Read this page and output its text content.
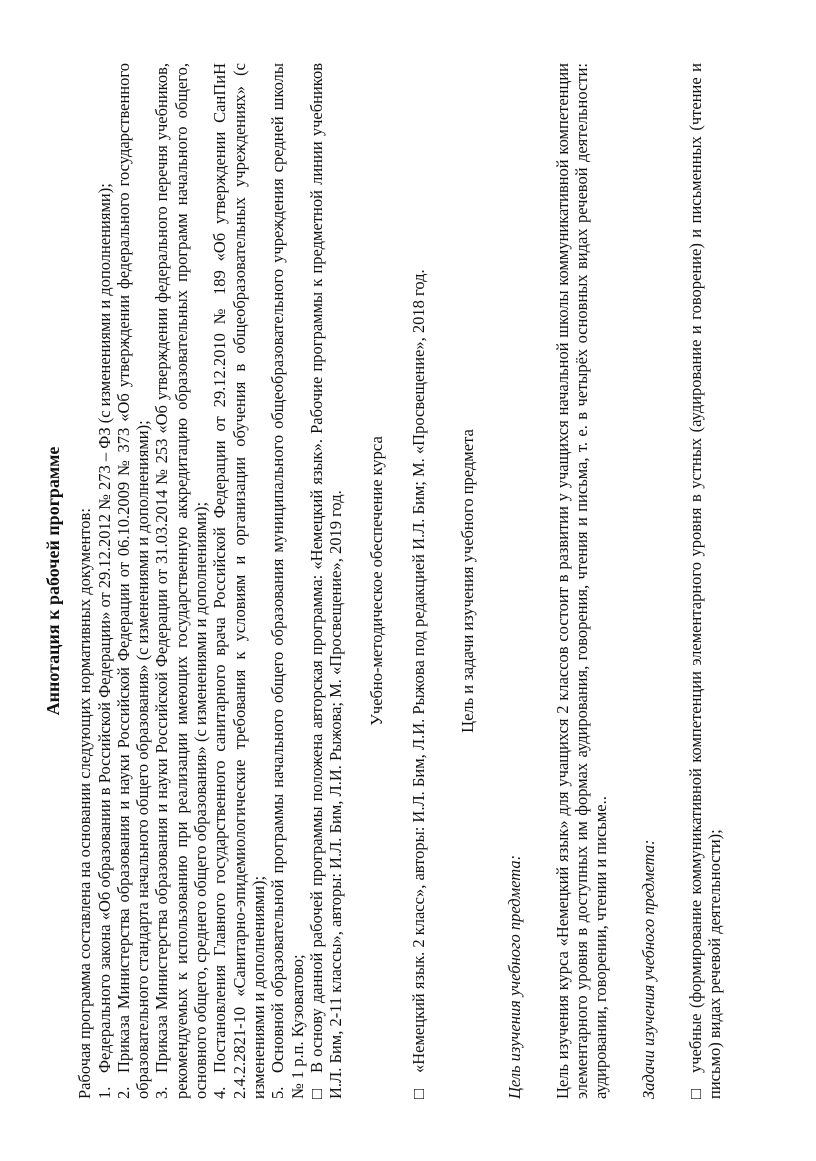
Аннотация к рабочей программе Рабочая программа составлена на основании следующих нормативных документов: 1.Федерального закона «Об образовании в Российской Федерации» от 29.12.2012 № 273 – ФЗ (с изменениями и дополнениями);
2.Приказа Министерства образования и науки Российской Федерации от 06.10.2009 № 373 «Об утверждении федерального государственного образовательного стандарта начального общего образования» (с изменениями и дополнениями); 3.Приказа Министерства образования и науки Российской Федерации от 31.03.2014 № 253 «Об утверждении федерального перечня учебников, рекомендуемых к использованию при реализации имеющих государственную аккредитацию образовательных программ начального общего, основного общего, среднего общего образования» (с изменениями и дополнениями); 4.Постановления Главного государственного санитарного врача Российской Федерации от 29.12.2010 № 189 «Об утверждении СанПиН 2.4.2.2821-10 «Санитарно-эпидемиологические требования к условиям и организации обучения в общеобразовательных учреждениях» (с изменениями и дополнениями); 5.Основной образовательной программы начального общего образования муниципального общеобразовательного учреждения средней школы № 1 р.п. Кузоватово; □В основу данной рабочей программы положена авторская программа: «Немецкий язык». Рабочие программы к предметной линии учебников И.Л. Бим, 2-11 классы», авторы: И.Л. Бим, Л.И. Рыжова; М. «Просвещение», 2019 год. Учебно-методическое обеспечение курса
□«Немецкий язык. 2 класс», авторы: И.Л. Бим, Л.И. Рыжова под редакцией И.Л. Бим; М. «Просвещение», 2018 год. Цель и задачи изучения учебного предмета
Цель изучения учебного предмета: Цель изучения курса «Немецкий язык» для учащихся 2 классов состоит в развитии у учащихся начальной школы коммуникативной компетенции элементарного уровня в доступных им формах аудирования, говорения, чтения и письма, т. е. в четырёх основных видах речевой деятельности: аудировании, говорении, чтении и письме.. Задачи изучения учебного предмета: □учебные (формирование коммуникативной компетенции элементарного уровня в устных (аудирование и говорение) и письменных (чтение и письмо) видах речевой деятельности);
